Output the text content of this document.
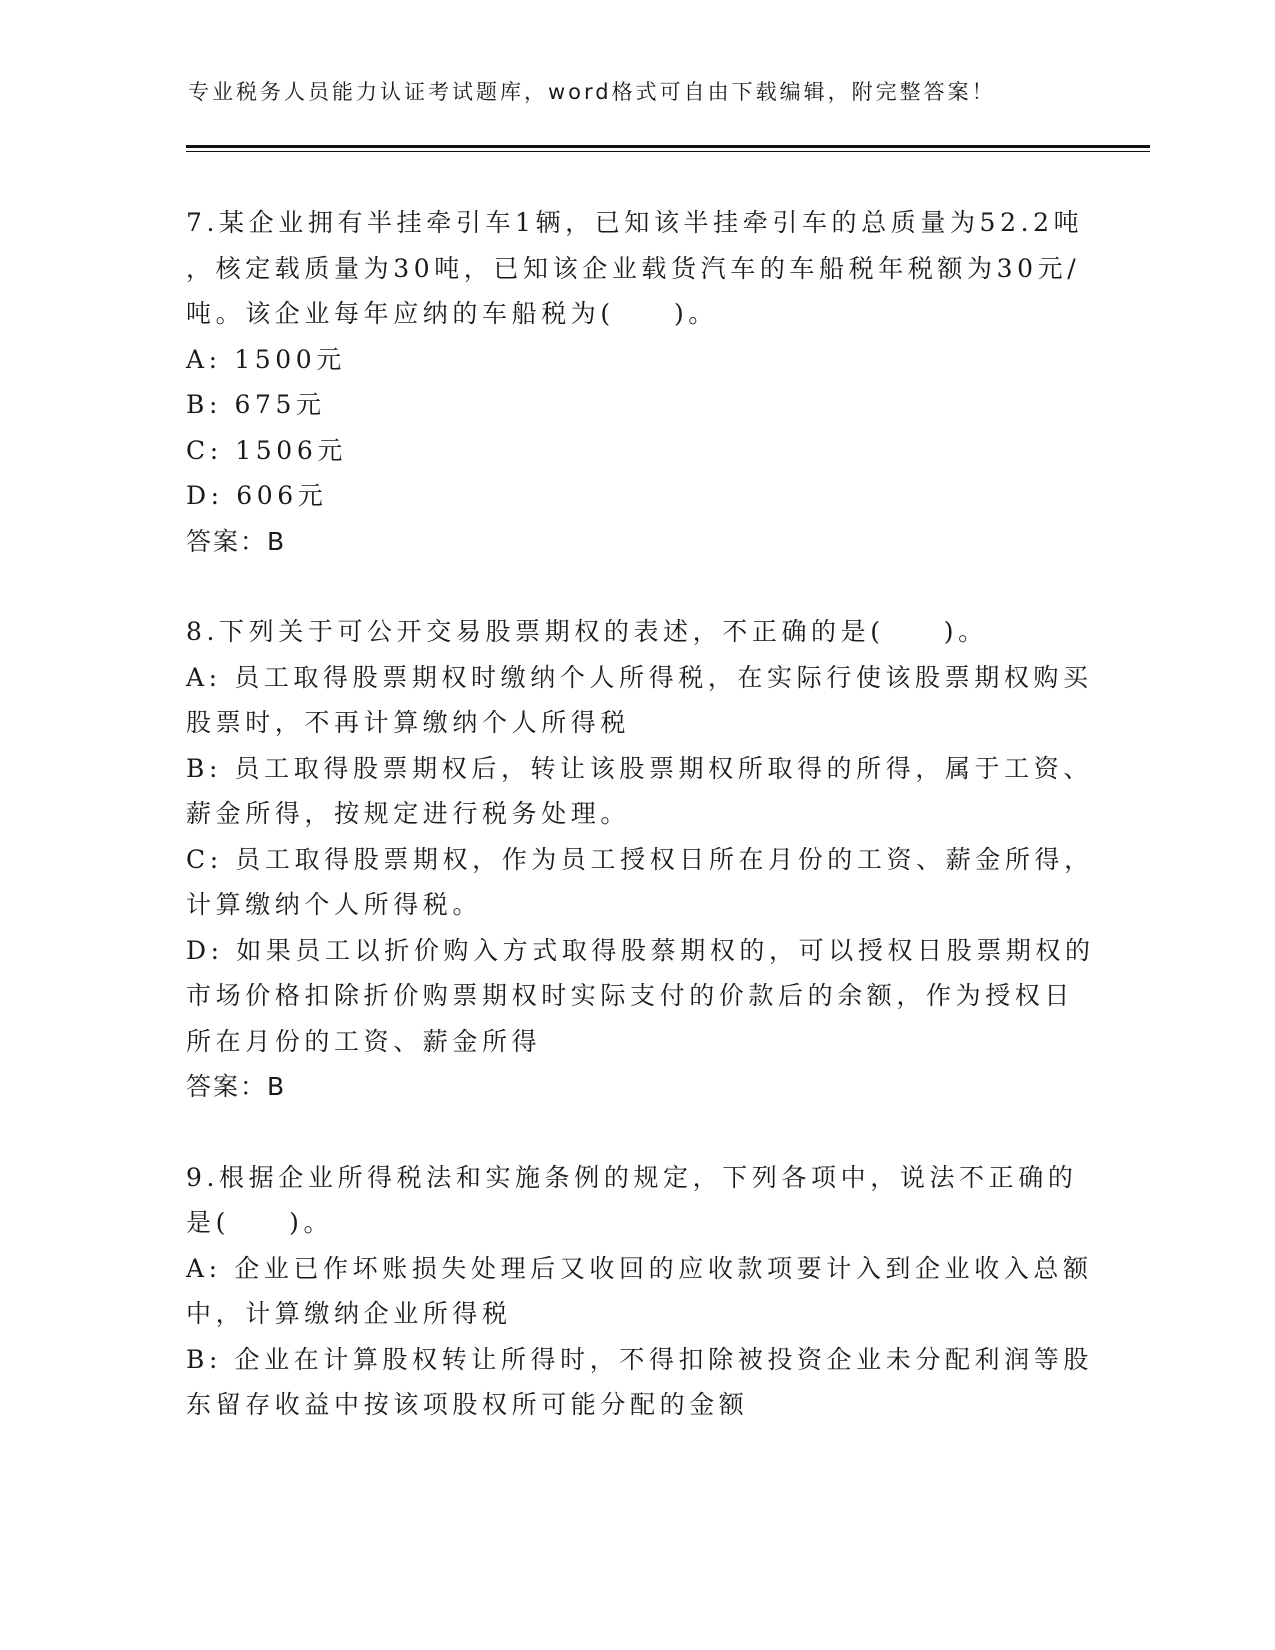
专业税务人员能力认证考试题库，word格式可自由下载编辑，附完整答案！
7.某企业拥有半挂牵引车1辆，已知该半挂牵引车的总质量为52.2吨
，核定载质量为30吨，已知该企业载货汽车的车船税年税额为30元/
吨。该企业每年应纳的车船税为(　　)。
A: 1500元
B: 675元
C: 1506元
D: 606元
答案：B
8.下列关于可公开交易股票期权的表述，不正确的是(　　)。
A: 员工取得股票期权时缴纳个人所得税，在实际行使该股票期权购买
股票时，不再计算缴纳个人所得税
B: 员工取得股票期权后，转让该股票期权所取得的所得，属于工资、
薪金所得，按规定进行税务处理。
C: 员工取得股票期权，作为员工授权日所在月份的工资、薪金所得，
计算缴纳个人所得税。
D: 如果员工以折价购入方式取得股蔡期权的，可以授权日股票期权的
市场价格扣除折价购票期权时实际支付的价款后的余额，作为授权日
所在月份的工资、薪金所得
答案：B
9.根据企业所得税法和实施条例的规定，下列各项中，说法不正确的
是(　　)。
A: 企业已作坏账损失处理后又收回的应收款项要计入到企业收入总额
中，计算缴纳企业所得税
B: 企业在计算股权转让所得时，不得扣除被投资企业未分配利润等股
东留存收益中按该项股权所可能分配的金额
